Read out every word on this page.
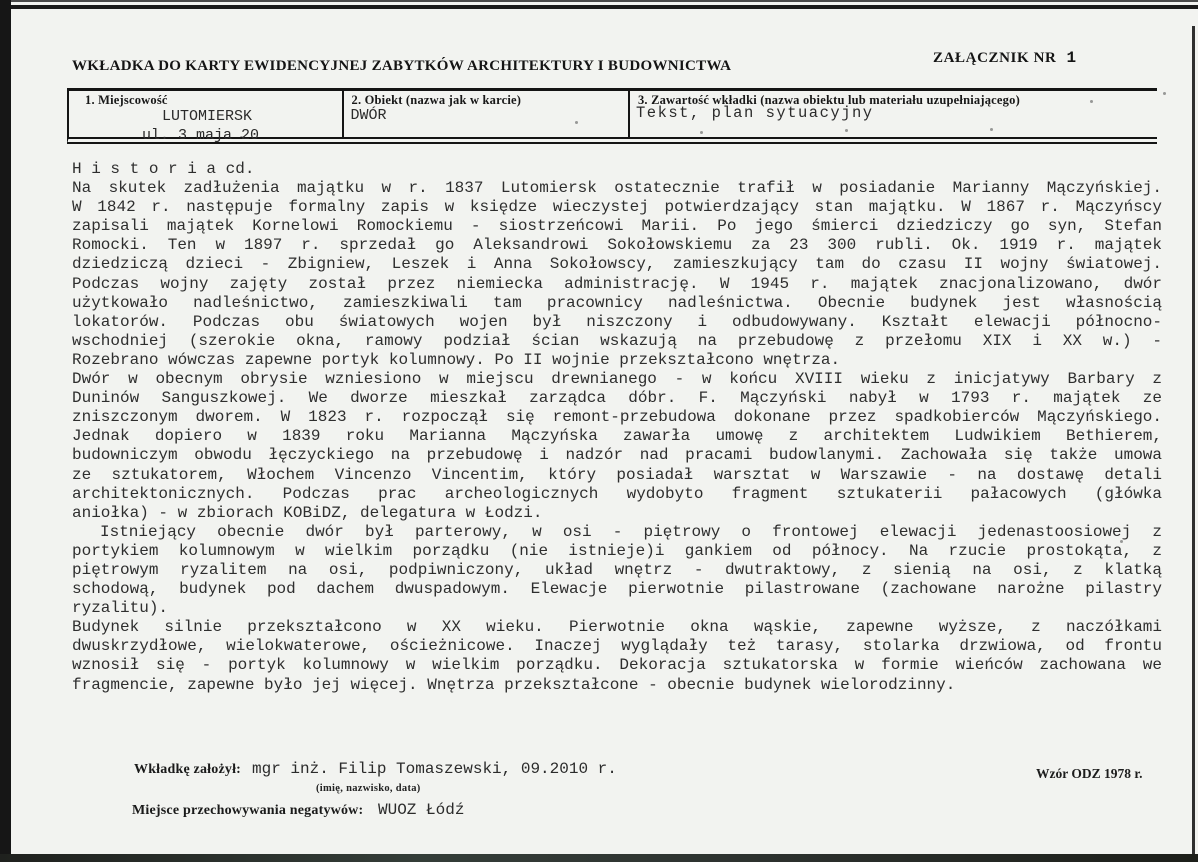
WKŁADKA DO KARTY EWIDENCYJNEJ ZABYTKÓW ARCHITEKTURY I BUDOWNICTWA	ZAŁĄCZNIK NR 1
1. Miejscowość
LUTOMIERSK
ul. 3 maja 20
2. Obiekt (nazwa jak w karcie)
DWÓR
3. Zawartość wkładki (nazwa obiektu lub materiału uzupełniającego)
Tekst, plan sytuacyjny
H i s t o r i a cd.
Na skutek zadłużenia majątku w r. 1837 Lutomiersk ostatecznie trafił w posiadanie Marianny Mączyńskiej.
W 1842 r. następuje formalny zapis w księdze wieczystej potwierdzający stan majątku. W 1867 r. Mączyńscy
zapisali majątek Kornelowi Romockiemu - siostrzeńcowi Marii. Po jego śmierci dziedziczy go syn, Stefan
Romocki. Ten w 1897 r. sprzedał go Aleksandrowi Sokołowskiemu za 23 300 rubli. Ok. 1919 r. majątek
dziedziczą dzieci - Zbigniew, Leszek i Anna Sokołowscy, zamieszkujący tam do czasu II wojny światowej.
Podczas wojny zajęty został przez niemiecka administrację. W 1945 r. majątek znacjonalizowano, dwór
użytkowało nadleśnictwo, zamieszkiwali tam pracownicy nadleśnictwa. Obecnie budynek jest własnością
lokatorów. Podczas obu światowych wojen był niszczony i odbudowywany. Kształt elewacji północno-
wschodniej (szerokie okna, ramowy podział ścian wskazują na przebudowę z przełomu XIX i XX w.) -
Rozebrano wówczas zapewne portyk kolumnowy. Po II wojnie przekształcono wnętrza.
Dwór w obecnym obrysie wzniesiono w miejscu drewnianego - w końcu XVIII wieku z inicjatywy Barbary z
Duninów Sanguszkowej. We dworze mieszkał zarządca dóbr. F. Mączyński nabył w 1793 r. majątek ze
zniszczonym dworem. W 1823 r. rozpoczął się remont-przebudowa dokonane przez spadkobierców Mączyńskiego.
Jednak dopiero w 1839 roku Marianna Mączyńska zawarła umowę z architektem Ludwikiem Bethierem,
budowniczym obwodu łęczyckiego na przebudowę i nadzór nad pracami budowlanymi. Zachowała się także umowa
ze sztukatorem, Włochem Vincenzo Vincentim, który posiadał warsztat w Warszawie - na dostawę detali
architektonicznych. Podczas prac archeologicznych wydobyto fragment sztukaterii pałacowych (główka
aniołka) - w zbiorach KOBiDZ, delegatura w Łodzi.
Istniejący obecnie dwór był parterowy, w osi - piętrowy o frontowej elewacji jedenastoosiowej z
portykiem kolumnowym w wielkim porządku (nie istnieje)i gankiem od północy. Na rzucie prostokąta, z
piętrowym ryzalitem na osi, podpiwniczony, układ wnętrz - dwutraktowy, z sienią na osi, z klatką
schodową, budynek pod dachem dwuspadowym. Elewacje pierwotnie pilastrowane (zachowane narożne pilastry
ryzalitu).
Budynek silnie przekształcono w XX wieku. Pierwotnie okna wąskie, zapewne wyższe, z naczółkami
dwuskrzydłowe, wielokwaterowe, ościeżnicowe. Inaczej wyglądały też tarasy, stolarka drzwiowa, od frontu
wznosił się - portyk kolumnowy w wielkim porządku. Dekoracja sztukatorska w formie wieńców zachowana we
fragmencie, zapewne było jej więcej. Wnętrza przekształcone - obecnie budynek wielorodzinny.
Wkładkę założył: mgr inż. Filip Tomaszewski, 09.2010 r.
(imię, nazwisko, data)
Miejsce przechowywania negatywów: WUOZ Łódź
Wzór ODZ 1978 r.
